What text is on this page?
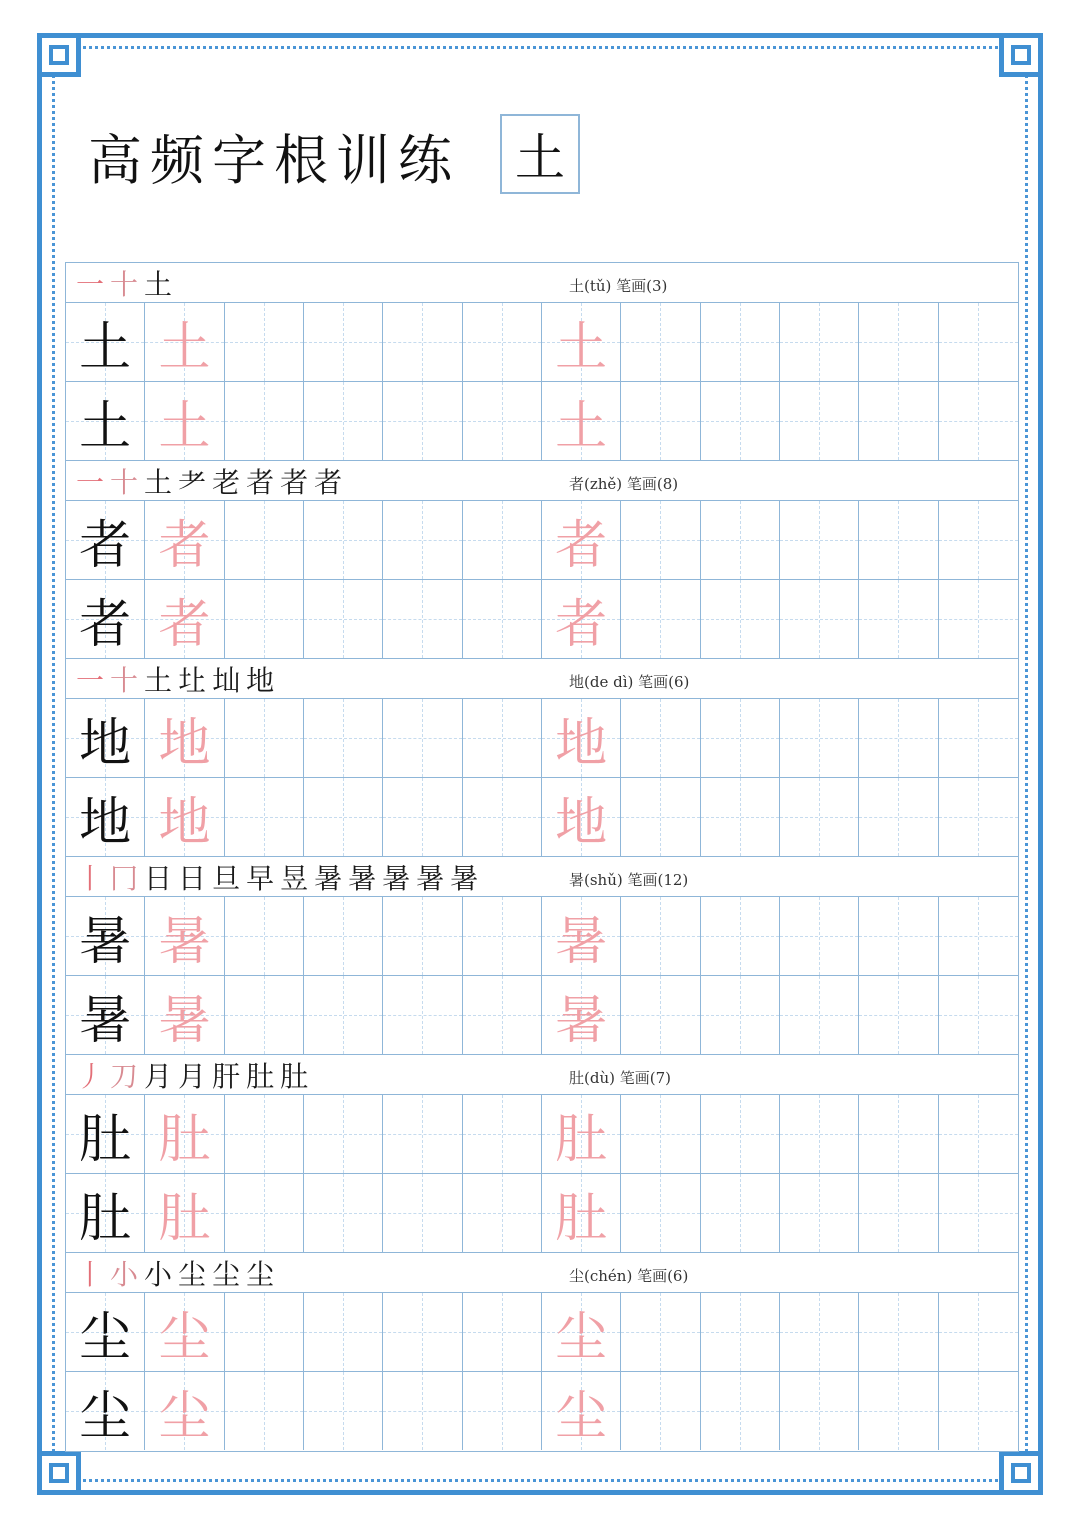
高频字根训练	土
一 十 土	土(tǔ) 笔画(3)
土 土	土
土 土	土
一 十 土 耂 老 者 者 者	者(zhě) 笔画(8)
者 者	者
者 者	者
一 十 土 圵 圸 地	地(de dì) 笔画(6)
地 地	地
地 地	地
丨 冂 日 日 旦 早 昱 暑 暑 暑 暑 暑	暑(shǔ) 笔画(12)
暑 暑	暑
暑 暑	暑
丿 刀 月 月 肝 肚 肚	肚(dù) 笔画(7)
肚 肚	肚
肚 肚	肚
丨 小 小 尘 尘 尘	尘(chén) 笔画(6)
尘 尘	尘
尘 尘	尘
